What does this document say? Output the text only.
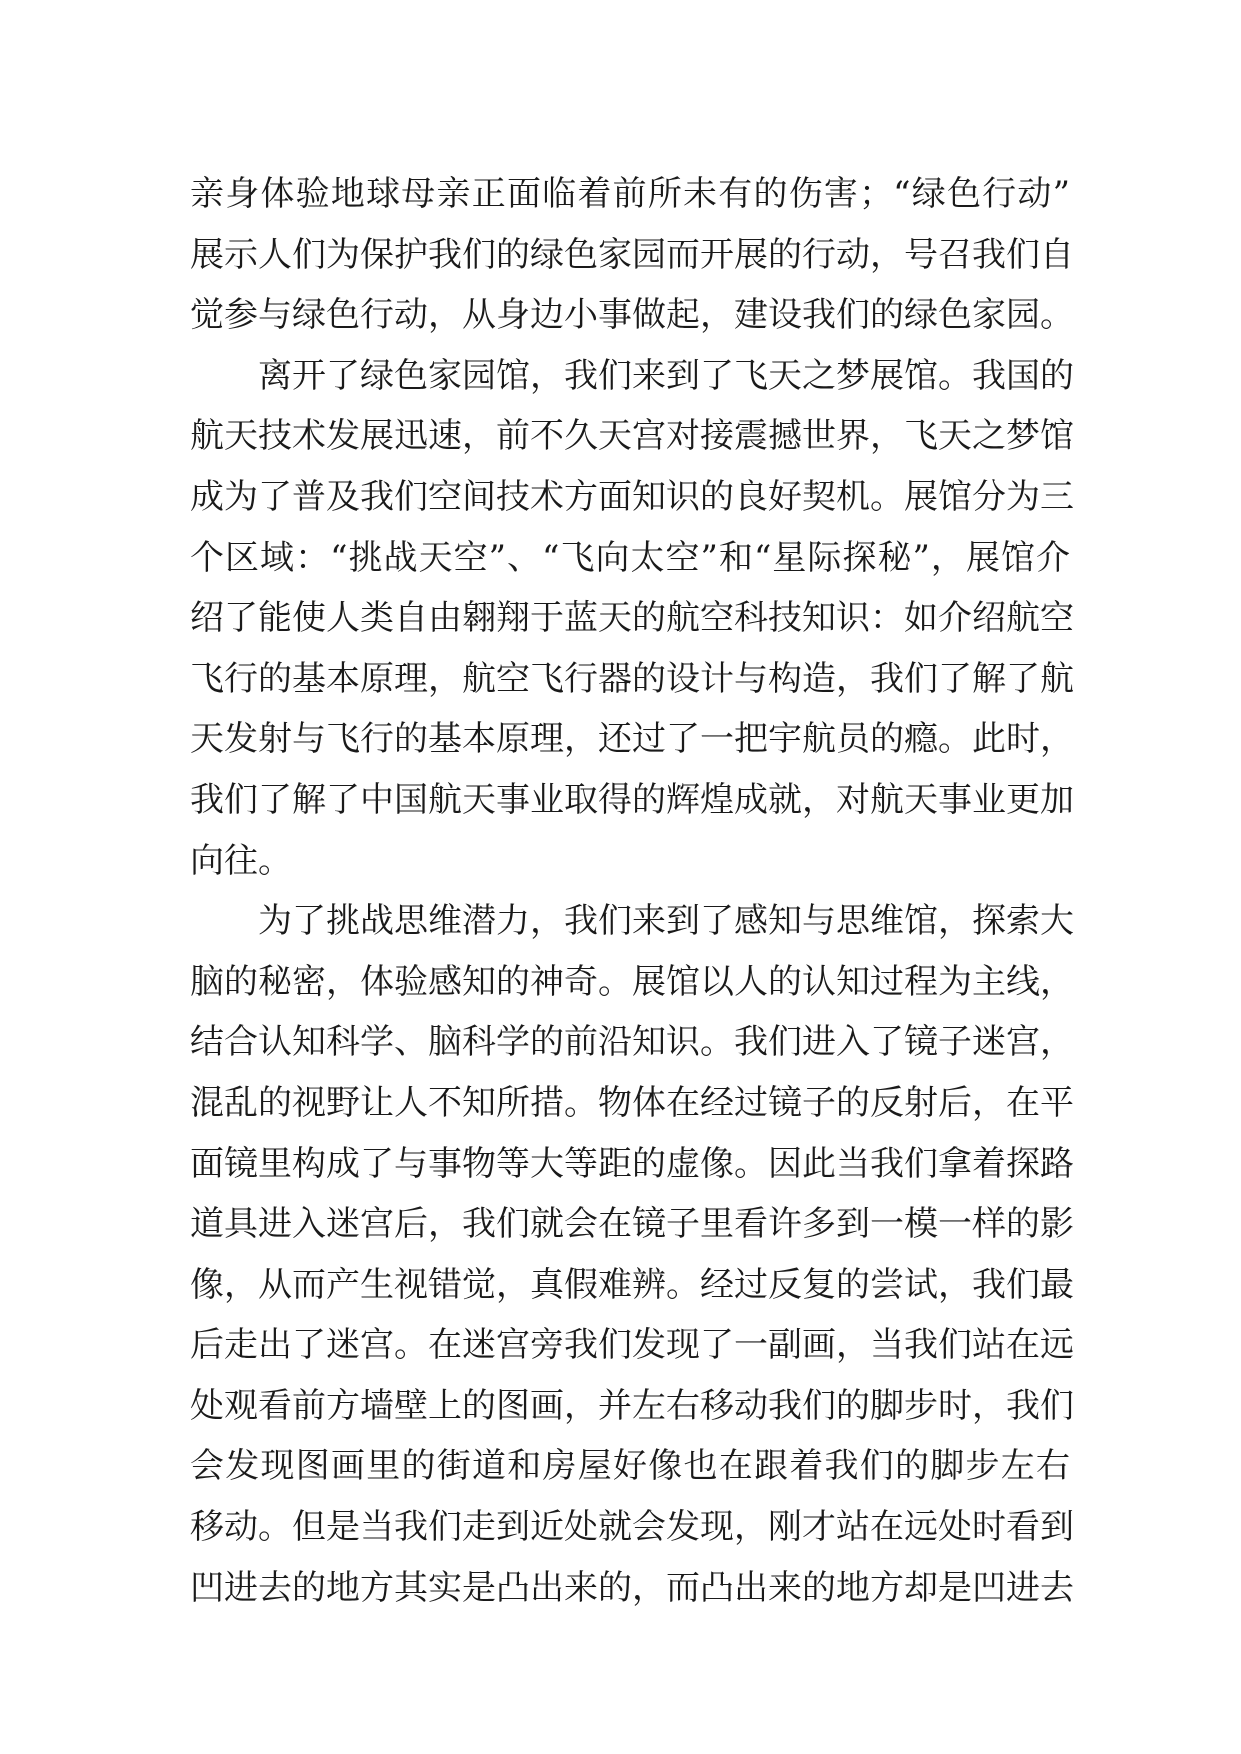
亲身体验地球母亲正面临着前所未有的伤害；“绿色行动”
展示人们为保护我们的绿色家园而开展的行动，号召我们自
觉参与绿色行动，从身边小事做起，建设我们的绿色家园。
离开了绿色家园馆，我们来到了飞天之梦展馆。我国的
航天技术发展迅速，前不久天宫对接震撼世界，飞天之梦馆
成为了普及我们空间技术方面知识的良好契机。展馆分为三
个区域：“挑战天空”、“飞向太空”和“星际探秘”，展馆介
绍了能使人类自由翱翔于蓝天的航空科技知识：如介绍航空
飞行的基本原理，航空飞行器的设计与构造，我们了解了航
天发射与飞行的基本原理，还过了一把宇航员的瘾。此时，
我们了解了中国航天事业取得的辉煌成就，对航天事业更加
向往。
为了挑战思维潜力，我们来到了感知与思维馆，探索大
脑的秘密，体验感知的神奇。展馆以人的认知过程为主线，
结合认知科学、脑科学的前沿知识。我们进入了镜子迷宫，
混乱的视野让人不知所措。物体在经过镜子的反射后，在平
面镜里构成了与事物等大等距的虚像。因此当我们拿着探路
道具进入迷宫后，我们就会在镜子里看许多到一模一样的影
像，从而产生视错觉，真假难辨。经过反复的尝试，我们最
后走出了迷宫。在迷宫旁我们发现了一副画，当我们站在远
处观看前方墙壁上的图画，并左右移动我们的脚步时，我们
会发现图画里的街道和房屋好像也在跟着我们的脚步左右
移动。但是当我们走到近处就会发现，刚才站在远处时看到
凹进去的地方其实是凸出来的，而凸出来的地方却是凹进去
